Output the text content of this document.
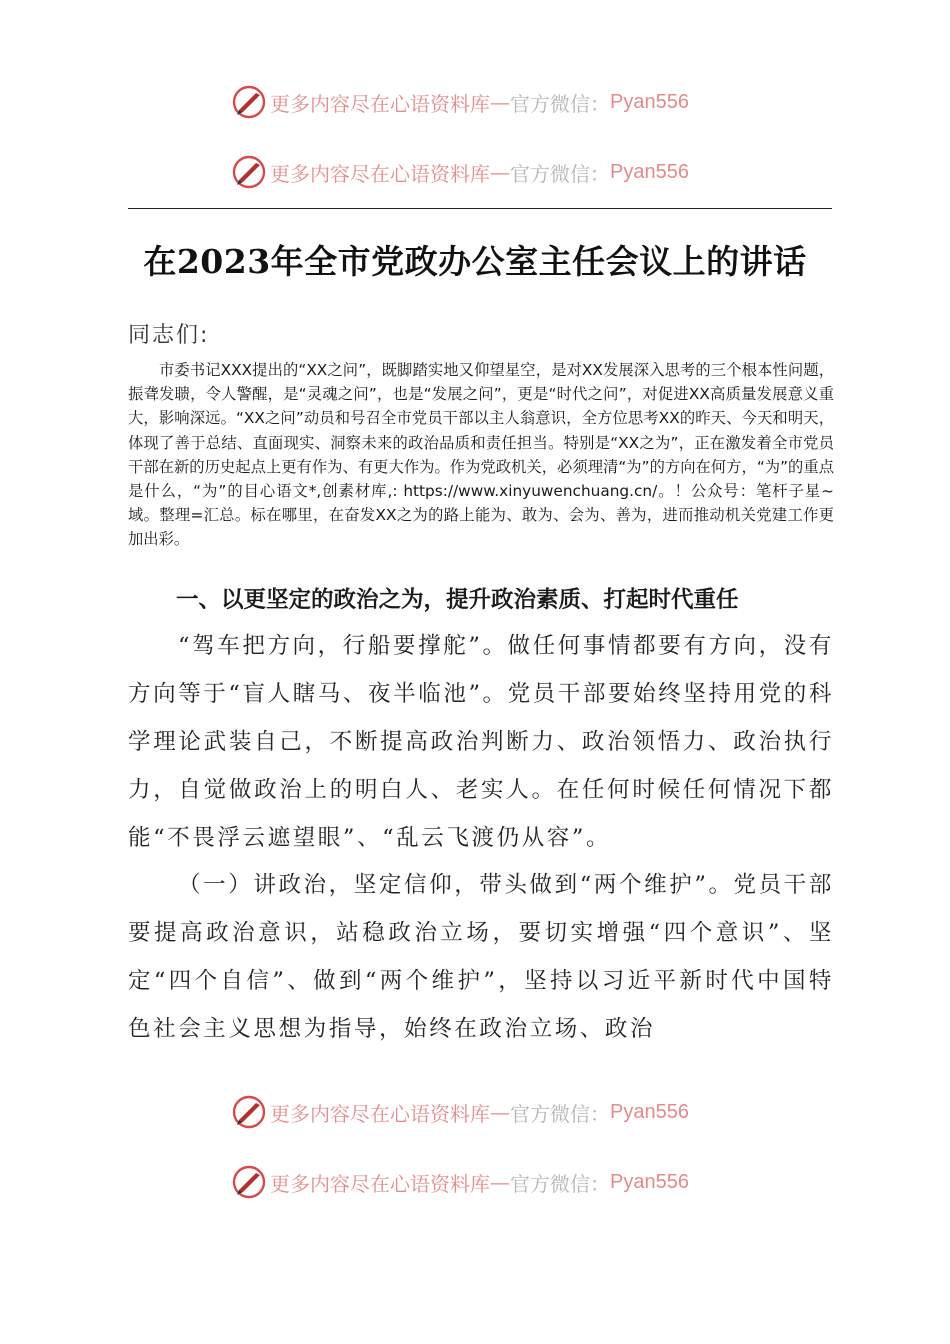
更多内容尽在心语资料库 — 官方微信： Pyan556
更多内容尽在心语资料库 — 官方微信： Pyan556
在2023年全市党政办公室主任会议上的讲话
同志们:
市委书记XXX提出的“XX之问”，既脚踏实地又仰望星空，是对XX发展深入思考的三个根本性问题，振聋发聩，令人警醒，是“灵魂之问”，也是“发展之问”，更是“时代之问”，对促进XX高质量发展意义重大，影响深远。“XX之问”动员和号召全市党员干部以主人翁意识，全方位思考XX的昨天、今天和明天，体现了善于总结、直面现实、洞察未来的政治品质和责任担当。特别是“XX之为”，正在激发着全市党员干部在新的历史起点上更有作为、有更大作为。作为党政机关，必须理清“为”的方向在何方，“为”的重点是什么，“为”的目心语文*,创素材库,: https://www.xinyuwenchuang.cn/。！公众号：笔杆子星~域。整理=汇总。标在哪里，在奋发XX之为的路上能为、敢为、会为、善为，进而推动机关党建工作更加出彩。
一、以更坚定的政治之为，提升政治素质、打起时代重任
“驾车把方向，行船要撑舵”。做任何事情都要有方向，没有方向等于“盲人瞎马、夜半临池”。党员干部要始终坚持用党的科学理论武装自己，不断提高政治判断力、政治领悟力、政治执行力，自觉做政治上的明白人、老实人。在任何时候任何情况下都能“不畏浮云遮望眼”、“乱云飞渡仍从容”。
（一）讲政治，坚定信仰，带头做到“两个维护”。党员干部要提高政治意识，站稳政治立场，要切实增强“四个意识”、坚定“四个自信”、做到“两个维护”，坚持以习近平新时代中国特色社会主义思想为指导，始终在政治立场、政治
更多内容尽在心语资料库 — 官方微信： Pyan556
更多内容尽在心语资料库 — 官方微信： Pyan556
